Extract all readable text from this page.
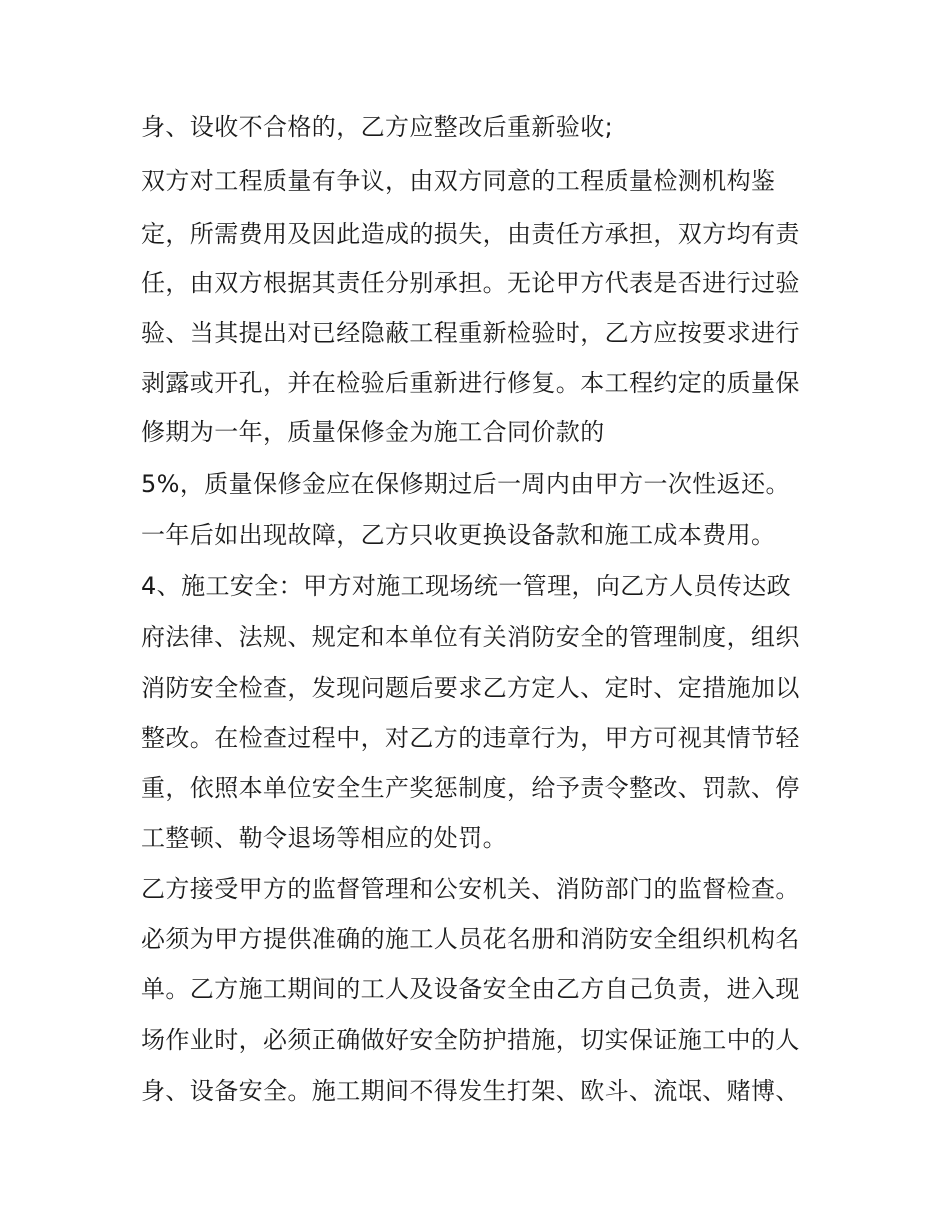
身、设收不合格的，乙方应整改后重新验收;
双方对工程质量有争议，由双方同意的工程质量检测机构鉴
定，所需费用及因此造成的损失，由责任方承担，双方均有责
任，由双方根据其责任分别承担。无论甲方代表是否进行过验
验、当其提出对已经隐蔽工程重新检验时，乙方应按要求进行
剥露或开孔，并在检验后重新进行修复。本工程约定的质量保
修期为一年，质量保修金为施工合同价款的
5%，质量保修金应在保修期过后一周内由甲方一次性返还。
一年后如出现故障，乙方只收更换设备款和施工成本费用。
4、施工安全：甲方对施工现场统一管理，向乙方人员传达政
府法律、法规、规定和本单位有关消防安全的管理制度，组织
消防安全检查，发现问题后要求乙方定人、定时、定措施加以
整改。在检查过程中，对乙方的违章行为，甲方可视其情节轻
重，依照本单位安全生产奖惩制度，给予责令整改、罚款、停
工整顿、勒令退场等相应的处罚。
乙方接受甲方的监督管理和公安机关、消防部门的监督检查。
必须为甲方提供准确的施工人员花名册和消防安全组织机构名
单。乙方施工期间的工人及设备安全由乙方自己负责，进入现
场作业时，必须正确做好安全防护措施，切实保证施工中的人
身、设备安全。施工期间不得发生打架、欧斗、流氓、赌博、
